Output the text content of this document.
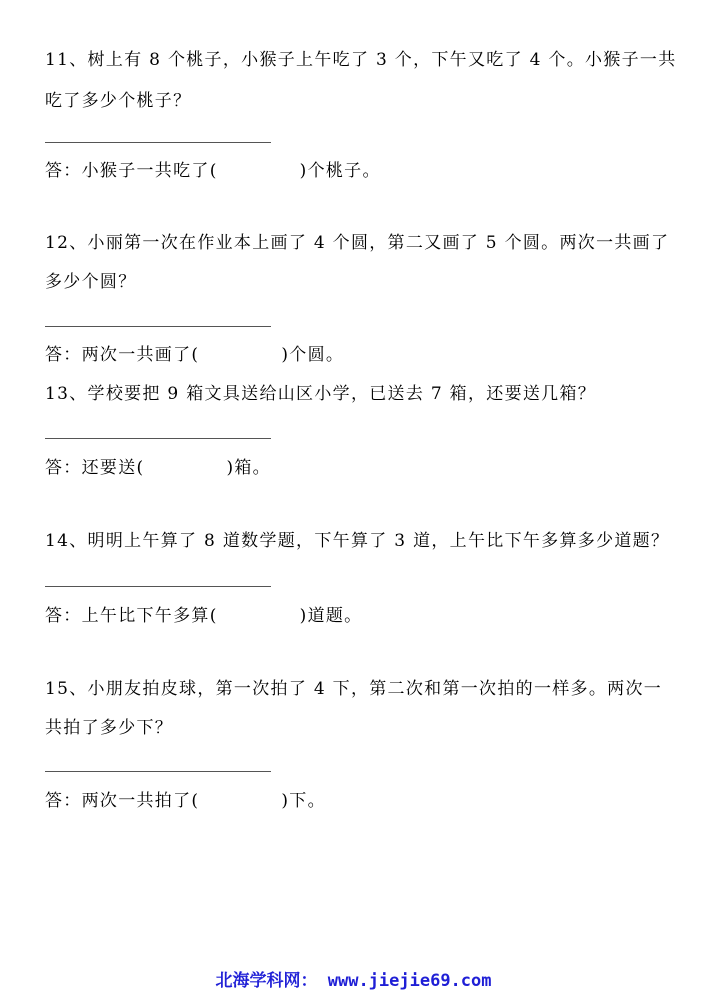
11、树上有 8 个桃子，小猴子上午吃了 3 个，下午又吃了 4 个。小猴子一共
吃了多少个桃子？
答：小猴子一共吃了(	)个桃子。
12、小丽第一次在作业本上画了 4 个圆，第二又画了 5 个圆。两次一共画了
多少个圆？
答：两次一共画了(	)个圆。
13、学校要把 9 箱文具送给山区小学，已送去 7 箱，还要送几箱？
答：还要送(	)箱。
14、明明上午算了 8 道数学题，下午算了 3 道，上午比下午多算多少道题？
答：上午比下午多算(	)道题。
15、小朋友拍皮球，第一次拍了 4 下，第二次和第一次拍的一样多。两次一
共拍了多少下？
答：两次一共拍了(	)下。
北海学科网： www.jiejie69.com
